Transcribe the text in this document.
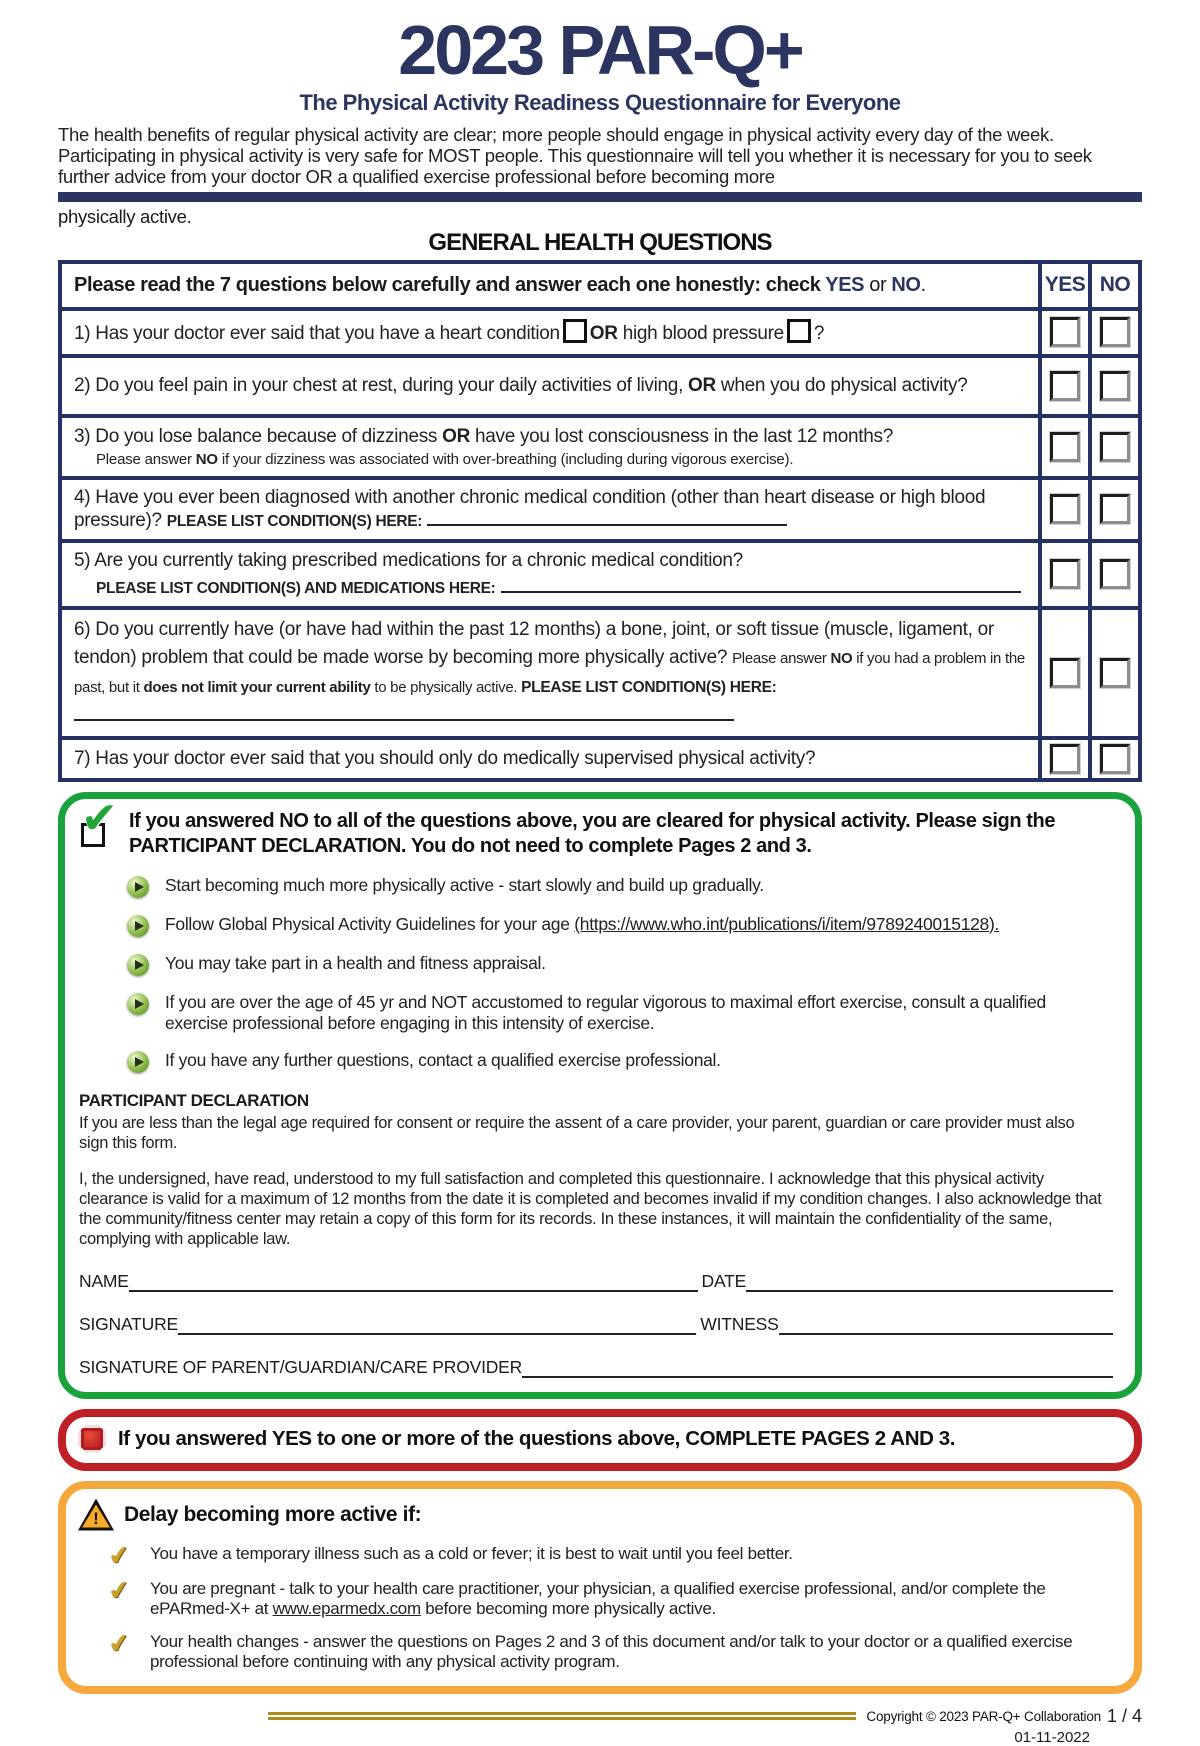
2023 PAR-Q+
The Physical Activity Readiness Questionnaire for Everyone
The health benefits of regular physical activity are clear; more people should engage in physical activity every day of the week. Participating in physical activity is very safe for MOST people. This questionnaire will tell you whether it is necessary for you to seek further advice from your doctor OR a qualified exercise professional before becoming more
physically active.
GENERAL HEALTH QUESTIONS
Please read the 7 questions below carefully and answer each one honestly: check YES or NO.	YES NO
1) Has your doctor ever said that you have a heart condition OR high blood pressure ?
2) Do you feel pain in your chest at rest, during your daily activities of living, OR when you do physical activity?
3) Do you lose balance because of dizziness OR have you lost consciousness in the last 12 months?
Please answer NO if your dizziness was associated with over-breathing (including during vigorous exercise).
4) Have you ever been diagnosed with another chronic medical condition (other than heart disease or high blood pressure)? PLEASE LIST CONDITION(S) HERE:
5) Are you currently taking prescribed medications for a chronic medical condition?
PLEASE LIST CONDITION(S) AND MEDICATIONS HERE:
6) Do you currently have (or have had within the past 12 months) a bone, joint, or soft tissue (muscle, ligament, or tendon) problem that could be made worse by becoming more physically active? Please answer NO if you had a problem in the past, but it does not limit your current ability to be physically active. PLEASE LIST CONDITION(S) HERE:
7) Has your doctor ever said that you should only do medically supervised physical activity?
✔ If you answered NO to all of the questions above, you are cleared for physical activity. Please sign the PARTICIPANT DECLARATION. You do not need to complete Pages 2 and 3.
Start becoming much more physically active - start slowly and build up gradually.
Follow Global Physical Activity Guidelines for your age (https://www.who.int/publications/i/item/9789240015128).
You may take part in a health and fitness appraisal.
If you are over the age of 45 yr and NOT accustomed to regular vigorous to maximal effort exercise, consult a qualified exercise professional before engaging in this intensity of exercise.
If you have any further questions, contact a qualified exercise professional.
PARTICIPANT DECLARATION
If you are less than the legal age required for consent or require the assent of a care provider, your parent, guardian or care provider must also sign this form.
I, the undersigned, have read, understood to my full satisfaction and completed this questionnaire. I acknowledge that this physical activity clearance is valid for a maximum of 12 months from the date it is completed and becomes invalid if my condition changes. I also acknowledge that the community/fitness center may retain a copy of this form for its records. In these instances, it will maintain the confidentiality of the same, complying with applicable law.
NAME	DATE
SIGNATURE	WITNESS
SIGNATURE OF PARENT/GUARDIAN/CARE PROVIDER
If you answered YES to one or more of the questions above, COMPLETE PAGES 2 AND 3.
!	Delay becoming more active if:
✔ You have a temporary illness such as a cold or fever; it is best to wait until you feel better.
✔ You are pregnant - talk to your health care practitioner, your physician, a qualified exercise professional, and/or complete the ePARmed-X+ at www.eparmedx.com before becoming more physically active.
✔ Your health changes - answer the questions on Pages 2 and 3 of this document and/or talk to your doctor or a qualified exercise professional before continuing with any physical activity program.
Copyright © 2023 PAR-Q+ Collaboration 1 / 4
01-11-2022
